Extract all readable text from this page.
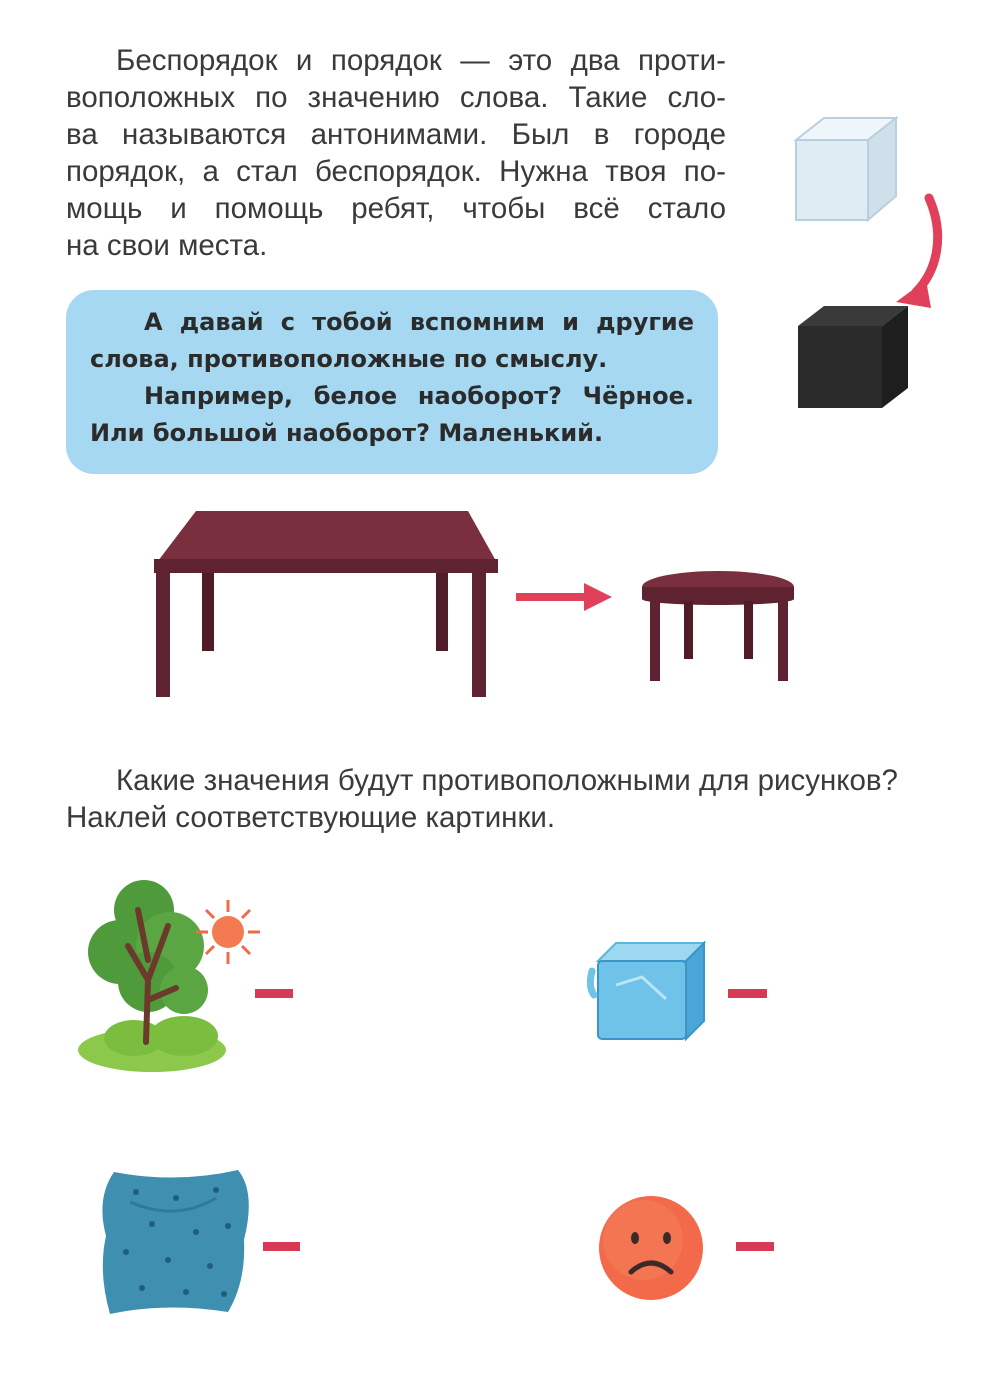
Беспорядок и порядок — это два проти-
воположных по значению слова. Такие сло-
ва называются антонимами. Был в городе
порядок, а стал беспорядок. Нужна твоя по-
мощь и помощь ребят, чтобы всё стало
на свои места.
А давай с тобой вспомним и другие
слова, противоположные по смыслу.
Например, белое наоборот? Чёрное.
Или большой наоборот? Маленький.
Какие значения будут противоположными для рисунков?
Наклей соответствующие картинки.
